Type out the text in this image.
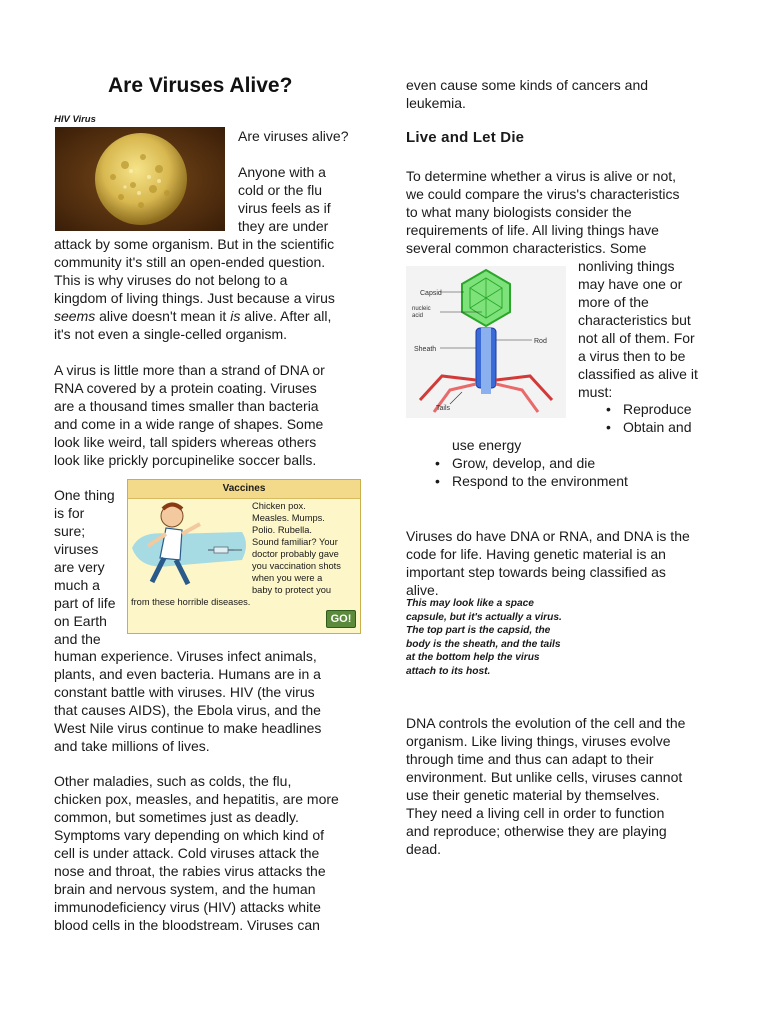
Are Viruses Alive?
HIV Virus

Are viruses alive?

Anyone with a

cold or the flu

virus feels as if

they are under

attack by some organism. But in the scientific

community it's still an open-ended question.

This is why viruses do not belong to a

kingdom of living things. Just because a virus

seems alive doesn't mean it is alive. After all,

it's not even a single-celled organism.

A virus is little more than a strand of DNA or

RNA covered by a protein coating. Viruses

are a thousand times smaller than bacteria

and come in a wide range of shapes. Some

look like weird, tall spiders whereas others

look like prickly porcupinelike soccer balls.

One thing

is for

sure;

viruses

are very

much a

part of life

on Earth

and the

Vaccines
Chicken pox.
Measles. Mumps.
Polio. Rubella.
Sound familiar? Your
doctor probably gave
you vaccination shots
when you were a
baby to protect you
from these horrible diseases.
GO!

human experience. Viruses infect animals,

plants, and even bacteria. Humans are in a

constant battle with viruses. HIV (the virus

that causes AIDS), the Ebola virus, and the

West Nile virus continue to make headlines

and take millions of lives.

Other maladies, such as colds, the flu,

chicken pox, measles, and hepatitis, are more

common, but sometimes just as deadly.

Symptoms vary depending on which kind of

cell is under attack. Cold viruses attack the

nose and throat, the rabies virus attacks the

brain and nervous system, and the human

immunodeficiency virus (HIV) attacks white

blood cells in the bloodstream. Viruses can

even cause some kinds of cancers and

leukemia.

Live and Let Die

To determine whether a virus is alive or not,

we could compare the virus's characteristics

to what many biologists consider the

requirements of life. All living things have

several common characteristics. Some

Capsid
nucleic
acid
Rod
Sheath
Tails

nonliving things

may have one or

more of the

characteristics but

not all of them. For

a virus then to be

classified as alive it

must:

• Reproduce
• Obtain and

use energy

• Grow, develop, and die
• Respond to the environment

Viruses do have DNA or RNA, and DNA is the

code for life. Having genetic material is an

important step towards being classified as

alive.

This may look like a space
capsule, but it's actually a virus.
The top part is the capsid, the
body is the sheath, and the tails
at the bottom help the virus
attach to its host.

DNA controls the evolution of the cell and the

organism. Like living things, viruses evolve

through time and thus can adapt to their

environment. But unlike cells, viruses cannot

use their genetic material by themselves.

They need a living cell in order to function

and reproduce; otherwise they are playing

dead.
